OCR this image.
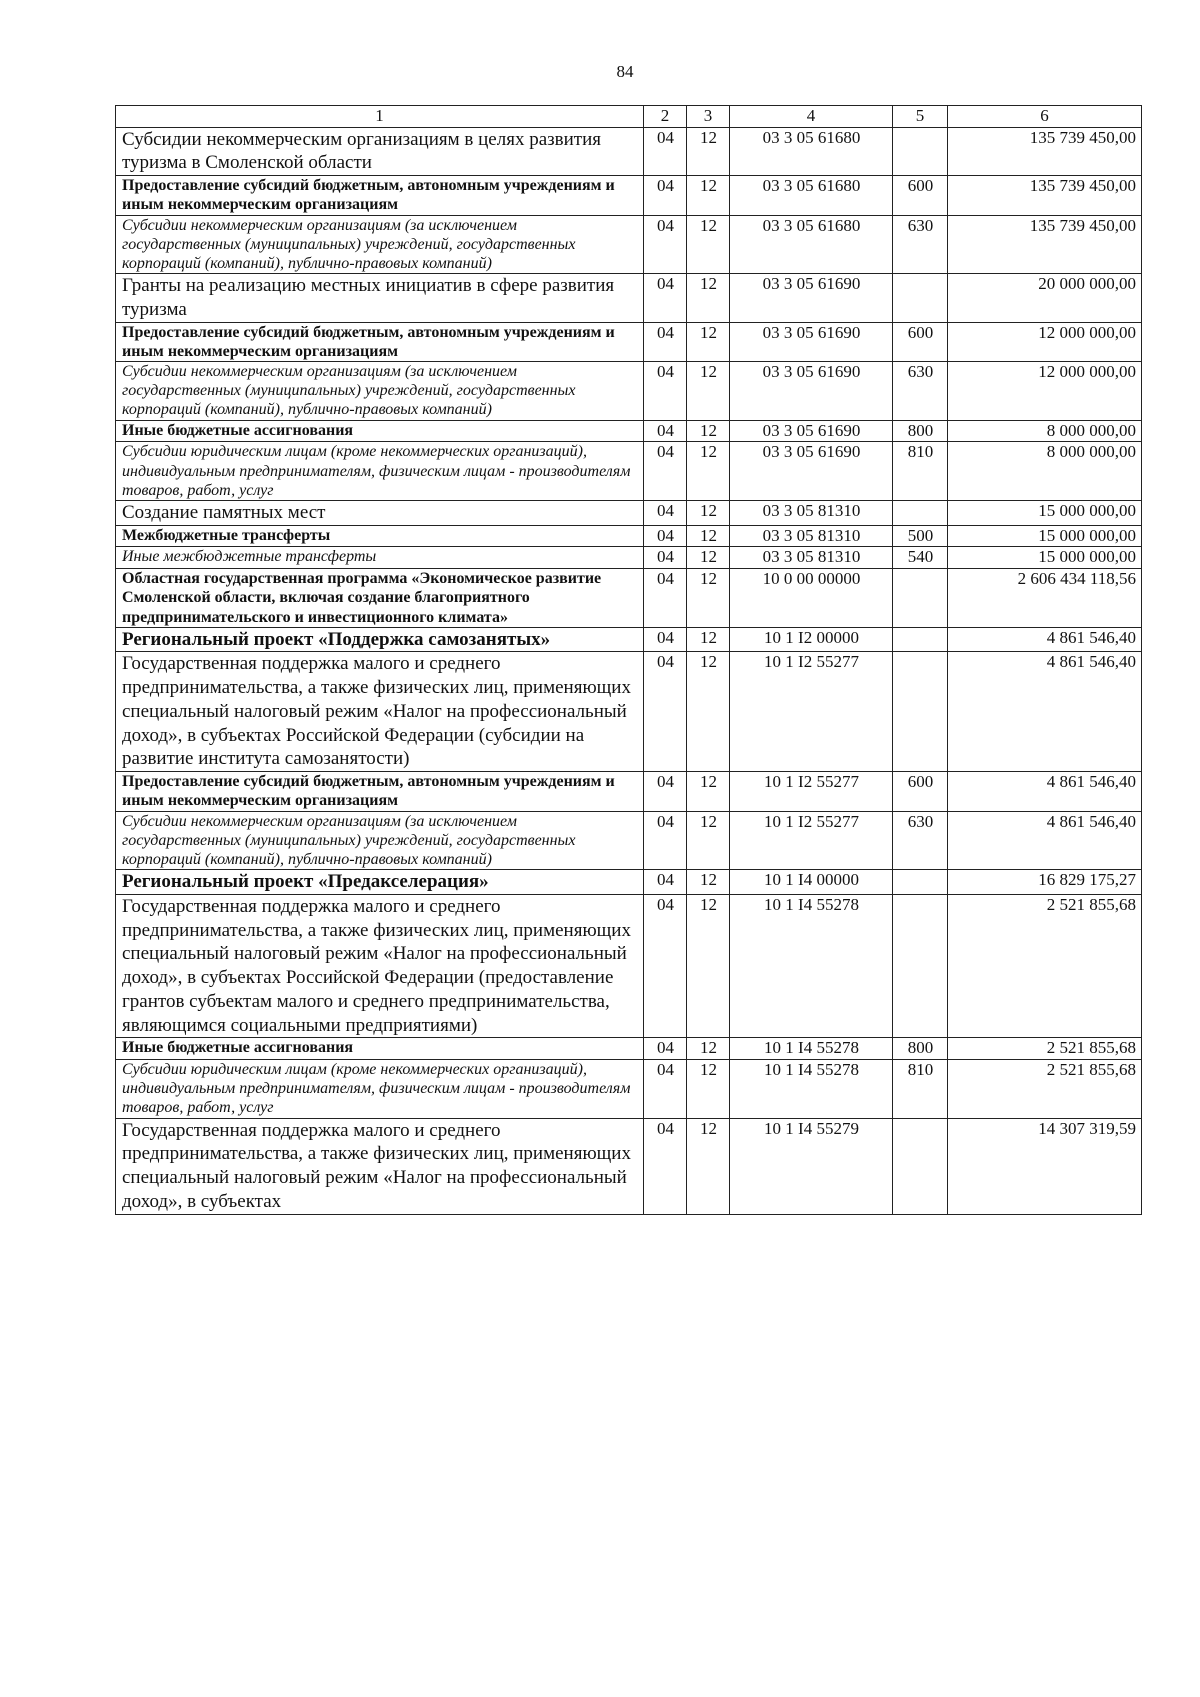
84
1	2	3	4	5	6
Субсидии некоммерческим организациям в целях развития туризма в Смоленской области	04	12	03 3 05 61680		135 739 450,00
Предоставление субсидий бюджетным, автономным учреждениям и иным некоммерческим организациям	04	12	03 3 05 61680	600	135 739 450,00
Субсидии некоммерческим организациям (за исключением государственных (муниципальных) учреждений, государственных корпораций (компаний), публично-правовых компаний)	04	12	03 3 05 61680	630	135 739 450,00
Гранты на реализацию местных инициатив в сфере развития туризма	04	12	03 3 05 61690		20 000 000,00
Предоставление субсидий бюджетным, автономным учреждениям и иным некоммерческим организациям	04	12	03 3 05 61690	600	12 000 000,00
Субсидии некоммерческим организациям (за исключением государственных (муниципальных) учреждений, государственных корпораций (компаний), публично-правовых компаний)	04	12	03 3 05 61690	630	12 000 000,00
Иные бюджетные ассигнования	04	12	03 3 05 61690	800	8 000 000,00
Субсидии юридическим лицам (кроме некоммерческих организаций), индивидуальным предпринимателям, физическим лицам - производителям товаров, работ, услуг	04	12	03 3 05 61690	810	8 000 000,00
Создание памятных мест	04	12	03 3 05 81310		15 000 000,00
Межбюджетные трансферты	04	12	03 3 05 81310	500	15 000 000,00
Иные межбюджетные трансферты	04	12	03 3 05 81310	540	15 000 000,00
Областная государственная программа «Экономическое развитие Смоленской области, включая создание благоприятного предпринимательского и инвестиционного климата»	04	12	10 0 00 00000		2 606 434 118,56
Региональный проект «Поддержка самозанятых»	04	12	10 1 I2 00000		4 861 546,40
Государственная поддержка малого и среднего предпринимательства, а также физических лиц, применяющих специальный налоговый режим «Налог на профессиональный доход», в субъектах Российской Федерации (субсидии на развитие института самозанятости)	04	12	10 1 I2 55277		4 861 546,40
Предоставление субсидий бюджетным, автономным учреждениям и иным некоммерческим организациям	04	12	10 1 I2 55277	600	4 861 546,40
Субсидии некоммерческим организациям (за исключением государственных (муниципальных) учреждений, государственных корпораций (компаний), публично-правовых компаний)	04	12	10 1 I2 55277	630	4 861 546,40
Региональный проект «Предакселерация»	04	12	10 1 I4 00000		16 829 175,27
Государственная поддержка малого и среднего предпринимательства, а также физических лиц, применяющих специальный налоговый режим «Налог на профессиональный доход», в субъектах Российской Федерации (предоставление грантов субъектам малого и среднего предпринимательства, являющимся социальными предприятиями)	04	12	10 1 I4 55278		2 521 855,68
Иные бюджетные ассигнования	04	12	10 1 I4 55278	800	2 521 855,68
Субсидии юридическим лицам (кроме некоммерческих организаций), индивидуальным предпринимателям, физическим лицам - производителям товаров, работ, услуг	04	12	10 1 I4 55278	810	2 521 855,68
Государственная поддержка малого и среднего предпринимательства, а также физических лиц, применяющих специальный налоговый режим «Налог на профессиональный доход», в субъектах	04	12	10 1 I4 55279		14 307 319,59
